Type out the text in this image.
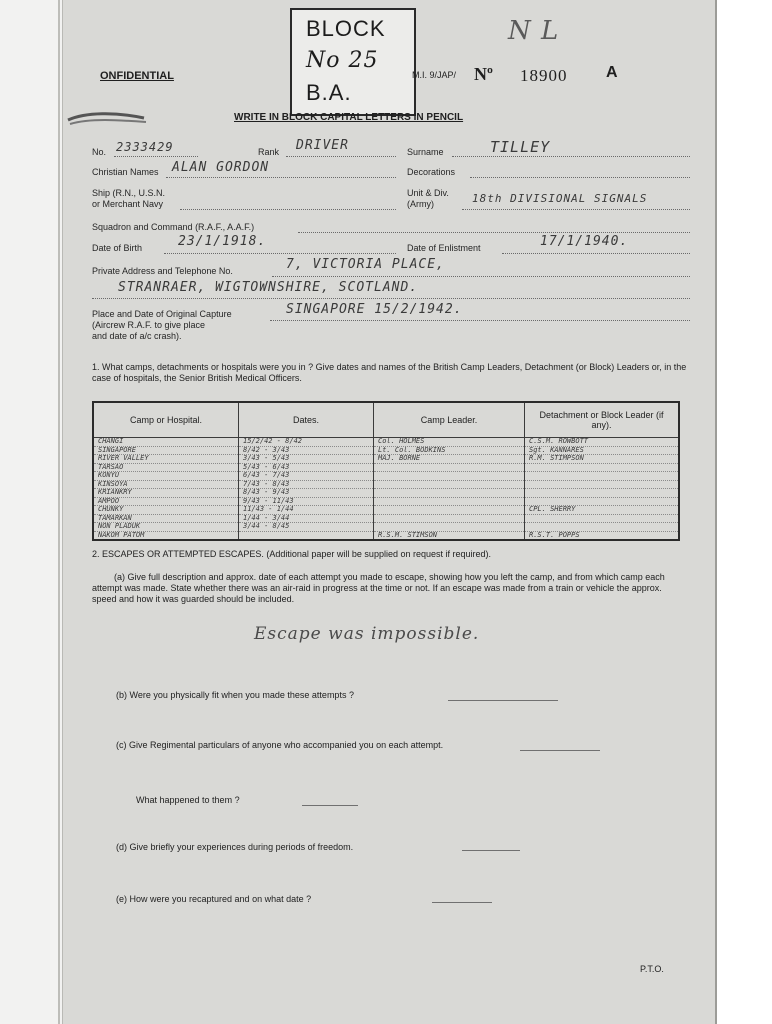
BLOCK
No 25
B.A.
N L
ONFIDENTIAL	M.I. 9/JAP/ Nº 18900 A
WRITE IN BLOCK CAPITAL LETTERS IN PENCIL
No. 2333429	Rank DRIVER	Surname	TILLEY
Christian Names ALAN GORDON	Decorations
Ship (R.N., U.S.N.
or Merchant Navy
Unit & Div.
(Army)	18th DIVISIONAL SIGNALS
Squadron and Command (R.A.F., A.A.F.)
Date of Birth	23/1/1918.	Date of Enlistment	17/1/1940.
Private Address and Telephone No.	7, VICTORIA PLACE,
STRANRAER, WIGTOWNSHIRE, SCOTLAND.
Place and Date of Original Capture
(Aircrew R.A.F. to give place
and date of a/c crash).
SINGAPORE 15/2/1942.
1. What camps, detachments or hospitals were you in ? Give dates and names of the British Camp Leaders, Detachment (or Block) Leaders or, in the case of hospitals, the Senior British Medical Officers.
Camp or Hospital.	Dates.	Camp Leader.	Detachment or Block Leader (if any).
CHANGI	15/2/42 - 8/42	Col. HOLMES	C.S.M. ROWBOTT
SINGAPORE	8/42 - 3/43	Lt. Col. BODKINS	Sgt. KANNARES
RIVER VALLEY	3/43 - 5/43	MAJ. BORNE	R.M. STIMPSON
TARSAO	5/43 - 6/43		
KONYU	6/43 - 7/43		
KINSOYA	7/43 - 8/43		
KRIANKRY	8/43 - 9/43		
AMPOO	9/43 - 11/43		
CHUNKY	11/43 - 1/44		CPL. SHERRY
TAMARKAN	1/44 - 3/44		
NON PLADUK	3/44 - 8/45		
NAKOM PATOM		R.S.M. STIMSON	R.S.T. POPPS
2. ESCAPES OR ATTEMPTED ESCAPES. (Additional paper will be supplied on request if required).
(a) Give full description and approx. date of each attempt you made to escape, showing how you left the camp, and from which camp each attempt was made. State whether there was an air-raid in progress at the time or not. If an escape was made from a train or vehicle the approx. speed and how it was guarded should be included.
Escape was impossible.
(b) Were you physically fit when you made these attempts ?
(c) Give Regimental particulars of anyone who accompanied you on each attempt.
What happened to them ?
(d) Give briefly your experiences during periods of freedom.
(e) How were you recaptured and on what date ?
P.T.O.
